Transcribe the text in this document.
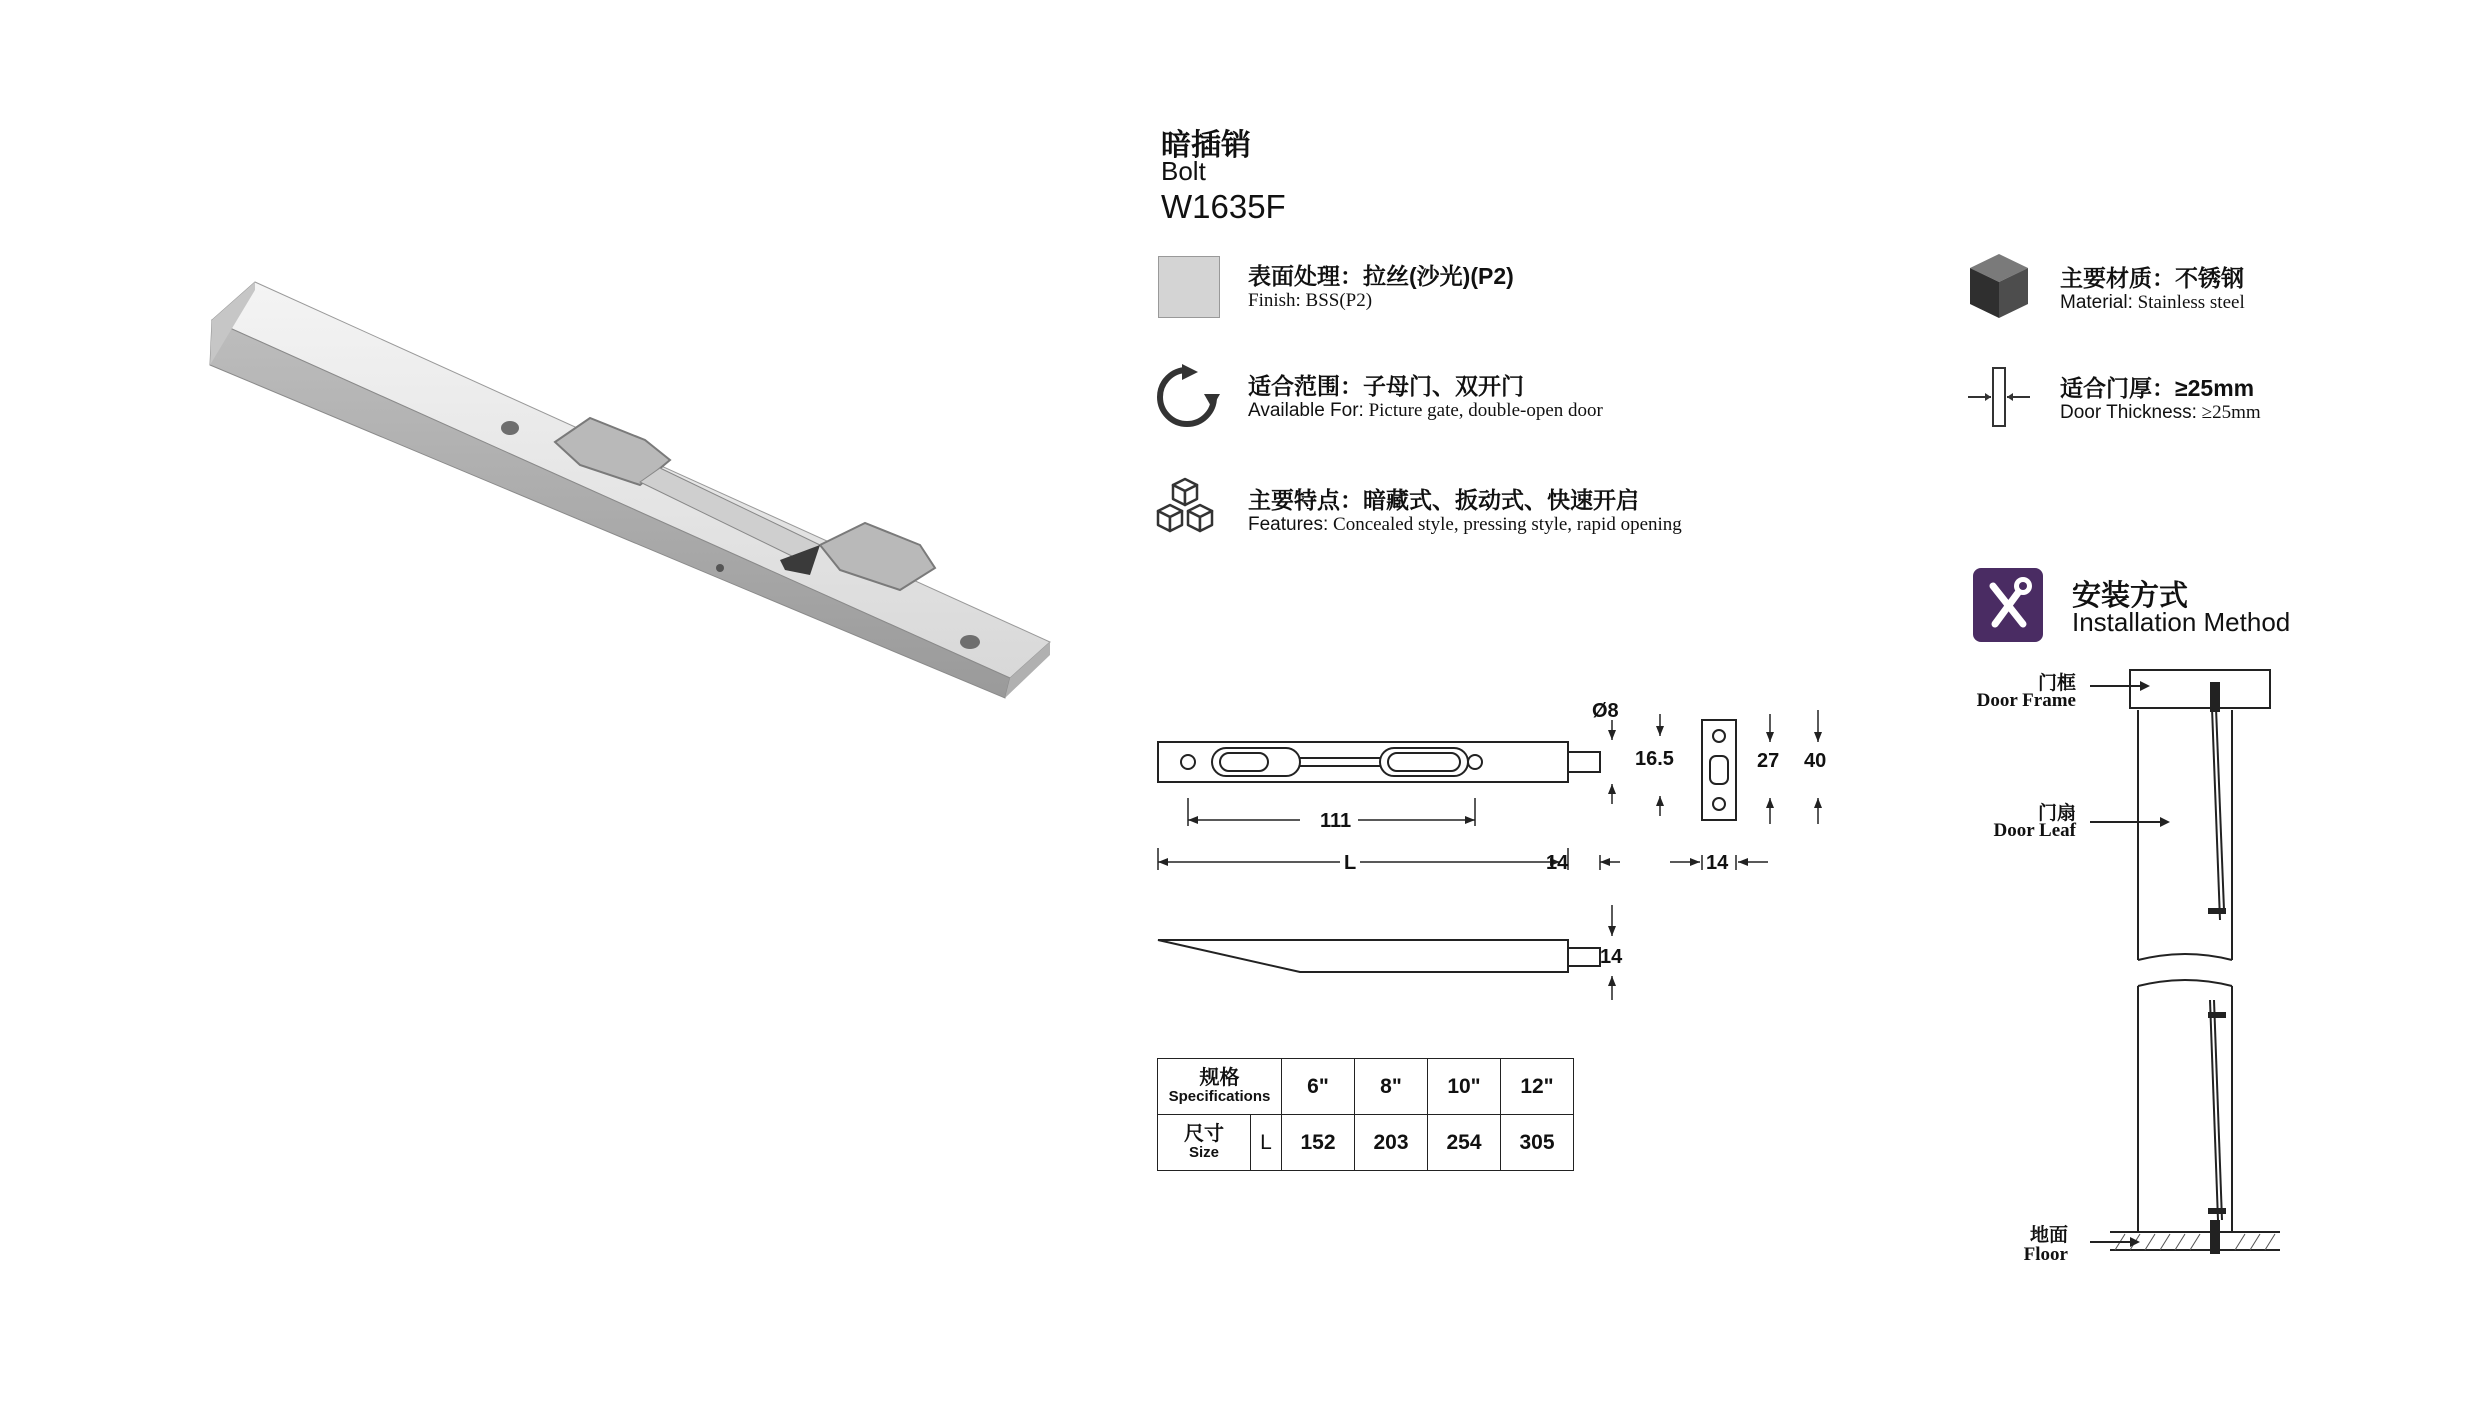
暗插销
Bolt
W1635F
表面处理：拉丝(沙光)(P2)
Finish: BSS(P2)
适合范围：子母门、双开门
Available For: Picture gate, double-open door
主要特点：暗藏式、扳动式、快速开启
Features: Concealed style, pressing style, rapid opening
主要材质：不锈钢
Material: Stainless steel
适合门厚：≥25mm
Door Thickness: ≥25mm
安装方式
Installation Method
门框
Door Frame
门扇
Door Leaf
地面
Floor
Ø8
16.5	27 40
111
L	14	14
14
规格
Specifications		6"	8"	10"	12"

尺寸
Size	L	152	203	254	305
